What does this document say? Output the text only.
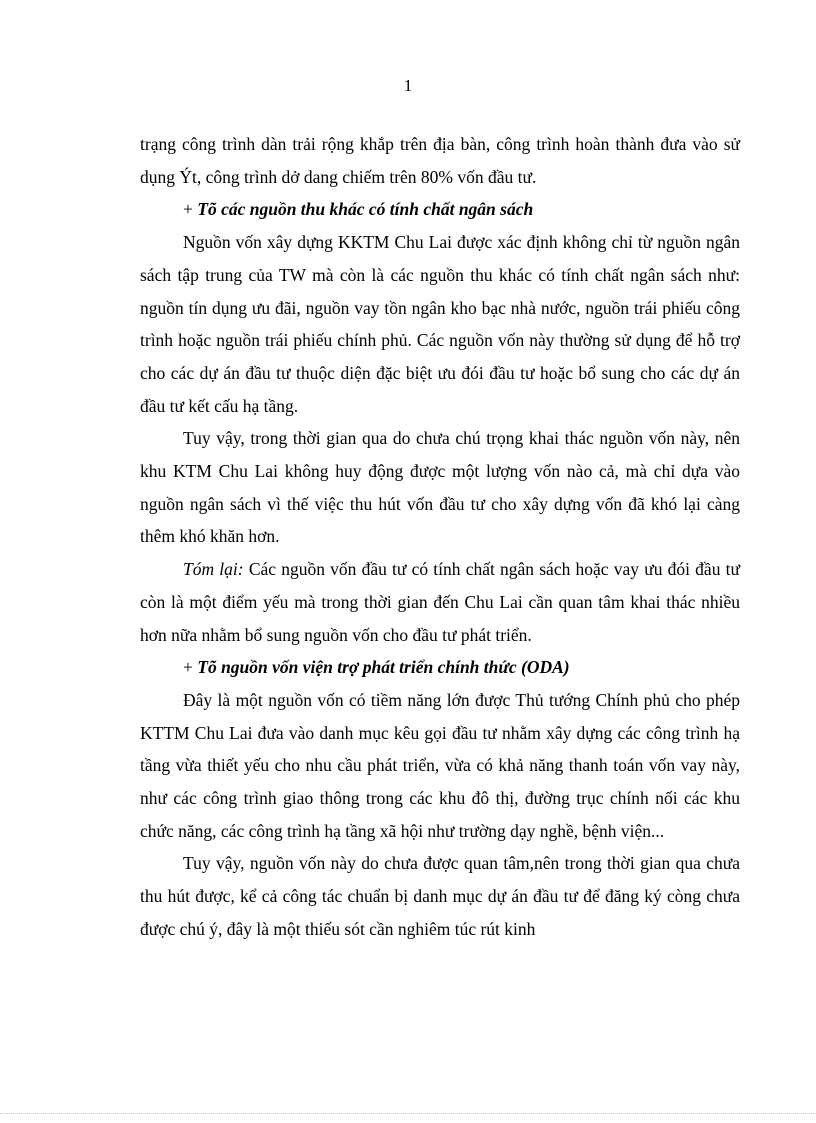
1

trạng công trình dàn trải rộng khắp trên địa bàn, công trình hoàn thành đưa vào sử dụng Ýt, công trình dở dang chiếm trên 80% vốn đầu tư.

+ Tõ các nguồn thu khác có tính chất ngân sách

Nguồn vốn xây dựng KKTM Chu Lai được xác định không chỉ từ nguồn ngân sách tập trung của TW mà còn là các nguồn thu khác có tính chất ngân sách như: nguồn tín dụng ưu đãi, nguồn vay tồn ngân kho bạc nhà nước, nguồn trái phiếu công trình hoặc nguồn trái phiếu chính phủ. Các nguồn vốn này thường sử dụng để hỗ trợ cho các dự án đầu tư thuộc diện đặc biệt ưu đói đầu tư hoặc bổ sung cho các dự án đầu tư kết cấu hạ tầng.

Tuy vậy, trong thời gian qua do chưa chú trọng khai thác nguồn vốn này, nên khu KTM Chu Lai không huy động được một lượng vốn nào cả, mà chỉ dựa vào nguồn ngân sách vì thế việc thu hút vốn đầu tư cho xây dựng vốn đã khó lại càng thêm khó khăn hơn.

Tóm lại: Các nguồn vốn đầu tư có tính chất ngân sách hoặc vay ưu đói đầu tư còn là một điểm yếu mà trong thời gian đến Chu Lai cần quan tâm khai thác nhiều hơn nữa nhằm bổ sung nguồn vốn cho đầu tư phát triển.

+ Tõ nguồn vốn viện trợ phát triển chính thức (ODA)

Đây là một nguồn vốn có tiềm năng lớn được Thủ tướng Chính phủ cho phép KTTM Chu Lai đưa vào danh mục kêu gọi đầu tư nhằm xây dựng các công trình hạ tầng vừa thiết yếu cho nhu cầu phát triển, vừa có khả năng thanh toán vốn vay này, như các công trình giao thông trong các khu đô thị, đường trục chính nối các khu chức năng, các công trình hạ tầng xã hội như trường dạy nghề, bệnh viện...

Tuy vậy, nguồn vốn này do chưa được quan tâm,nên trong thời gian qua chưa thu hút được, kể cả công tác chuẩn bị danh mục dự án đầu tư để đăng ký còng chưa được chú ý, đây là một thiếu sót cần nghiêm túc rút kinh
